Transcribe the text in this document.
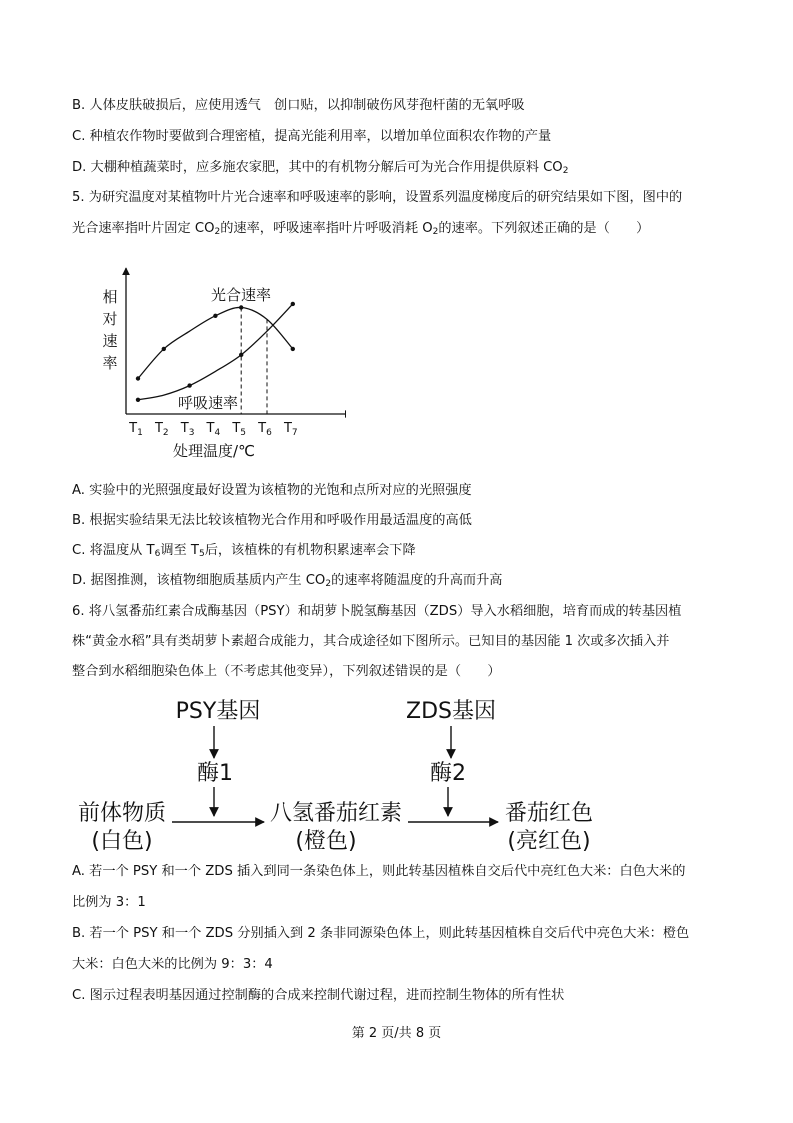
B. 人体皮肤破损后，应使用透气　创口贴，以抑制破伤风芽孢杆菌的无氧呼吸
C. 种植农作物时要做到合理密植，提高光能利用率，以增加单位面积农作物的产量
D. 大棚种植蔬菜时，应多施农家肥，其中的有机物分解后可为光合作用提供原料 $CO_2$
5. 为研究温度对某植物叶片光合速率和呼吸速率的影响，设置系列温度梯度后的研究结果如下图，图中的
光合速率指叶片固定 $CO_2$的速率，呼吸速率指叶片呼吸消耗 $O_2$的速率。下列叙述正确的是（　　）
相
对
速
率
$T_1$ $T_2$ $T_3$ $T_4$ $T_5$ $T_6$ $T_7$
处理温度/℃
光合速率
呼吸速率
A. 实验中的光照强度最好设置为该植物的光饱和点所对应的光照强度
B. 根据实验结果无法比较该植物光合作用和呼吸作用最适温度的高低
C. 将温度从 $T_6$调至 $T_5$后，该植株的有机物积累速率会下降
D. 据图推测，该植物细胞质基质内产生 $CO_2$的速率将随温度的升高而升高
6. 将八氢番茄红素合成酶基因（PSY）和胡萝卜脱氢酶基因（ZDS）导入水稻细胞，培育而成的转基因植
株“黄金水稻”具有类胡萝卜素超合成能力，其合成途径如下图所示。已知目的基因能 1 次或多次插入并
整合到水稻细胞染色体上（不考虑其他变异），下列叙述错误的是（　　）
PSY基因
酶1
ZDS基因
酶2
前体物质
(白色)
八氢番茄红素
(橙色)
番茄红色
(亮红色)
A. 若一个 PSY 和一个 ZDS 插入到同一条染色体上，则此转基因植株自交后代中亮红色大米：白色大米的
比例为 3：1
B. 若一个 PSY 和一个 ZDS 分别插入到 2 条非同源染色体上，则此转基因植株自交后代中亮色大米：橙色
大米：白色大米的比例为 9：3：4
C. 图示过程表明基因通过控制酶的合成来控制代谢过程，进而控制生物体的所有性状
第 2 页/共 8 页
